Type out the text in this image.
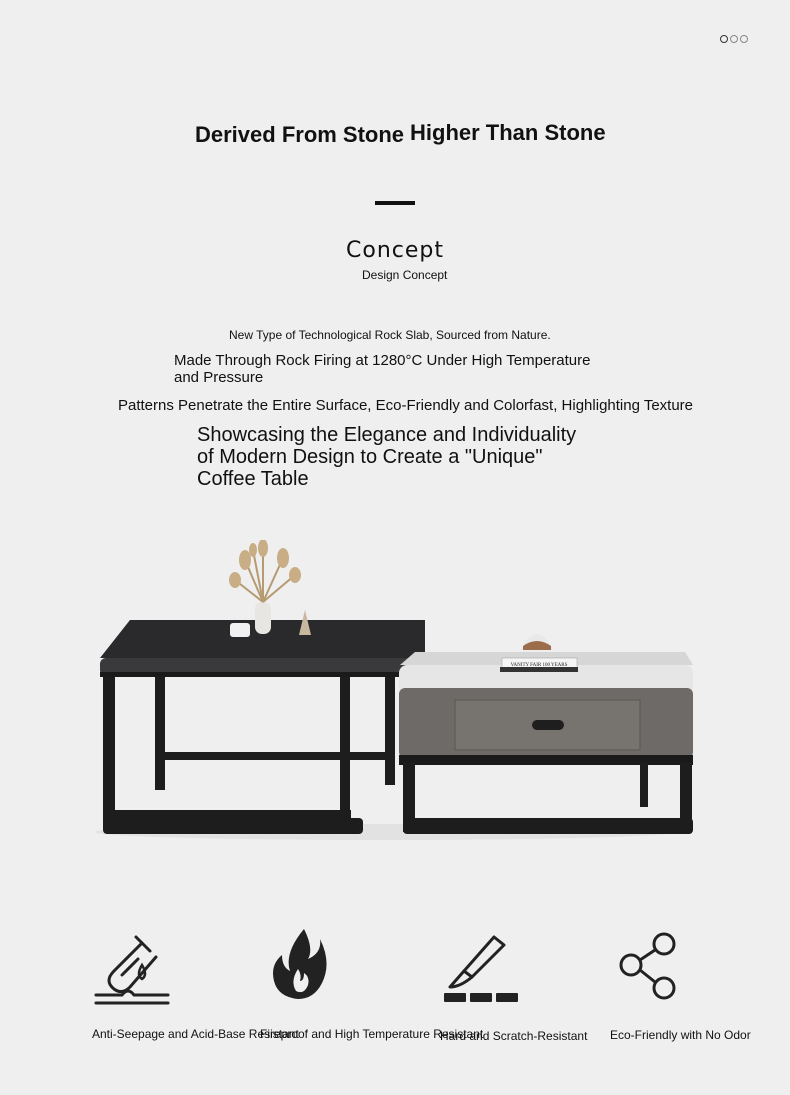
Derived From Stone Higher Than Stone
Concept
Design Concept
New Type of Technological Rock Slab, Sourced from Nature.
Made Through Rock Firing at 1280°C Under High Temperature and Pressure
Patterns Penetrate the Entire Surface, Eco-Friendly and Colorfast, Highlighting Texture
Showcasing the Elegance and Individuality of Modern Design to Create a "Unique" Coffee Table
VANITY FAIR 100 YEARS
Anti-Seepage and Acid-Base Resistant
Fireproof and High Temperature Resistant
Hard and Scratch-Resistant Eco-Friendly with No Odor
